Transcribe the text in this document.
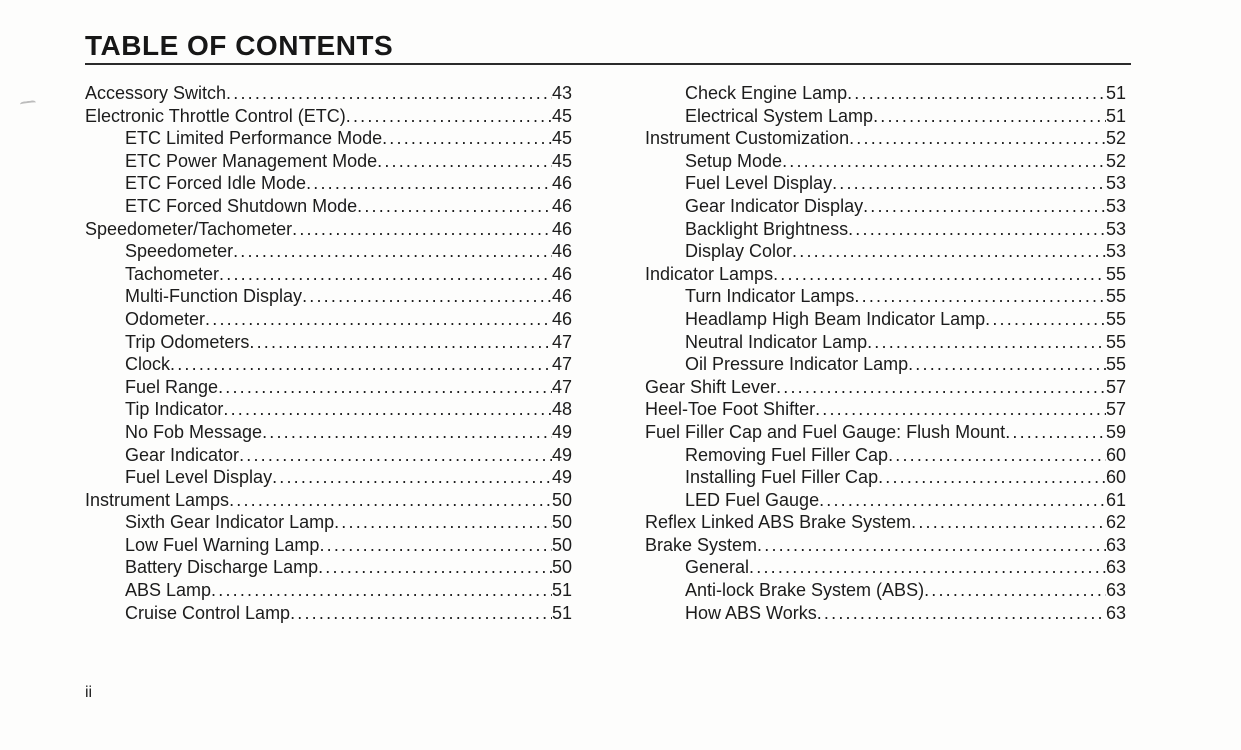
TABLE OF CONTENTS
Accessory Switch .....	43
Electronic Throttle Control (ETC) .....	45
ETC Limited Performance Mode .....	45
ETC Power Management Mode .....	45
ETC Forced Idle Mode .....	46
ETC Forced Shutdown Mode .....	46
Speedometer/Tachometer .....	46
Speedometer .....	46
Tachometer .....	46
Multi-Function Display .....	46
Odometer .....	46
Trip Odometers .....	47
Clock .....	47
Fuel Range .....	47
Tip Indicator .....	48
No Fob Message .....	49
Gear Indicator .....	49
Fuel Level Display .....	49
Instrument Lamps .....	50
Sixth Gear Indicator Lamp .....	50
Low Fuel Warning Lamp .....	50
Battery Discharge Lamp .....	50
ABS Lamp .....	51
Cruise Control Lamp .....	51
Check Engine Lamp .....	51
Electrical System Lamp .....	51
Instrument Customization .....	52
Setup Mode .....	52
Fuel Level Display .....	53
Gear Indicator Display .....	53
Backlight Brightness .....	53
Display Color .....	53
Indicator Lamps .....	55
Turn Indicator Lamps .....	55
Headlamp High Beam Indicator Lamp .....	55
Neutral Indicator Lamp .....	55
Oil Pressure Indicator Lamp .....	55
Gear Shift Lever .....	57
Heel-Toe Foot Shifter .....	57
Fuel Filler Cap and Fuel Gauge: Flush Mount .....	59
Removing Fuel Filler Cap .....	60
Installing Fuel Filler Cap .....	60
LED Fuel Gauge .....	61
Reflex Linked ABS Brake System .....	62
Brake System .....	63
General .....	63
Anti-lock Brake System (ABS) .....	63
How ABS Works .....	63
ii
